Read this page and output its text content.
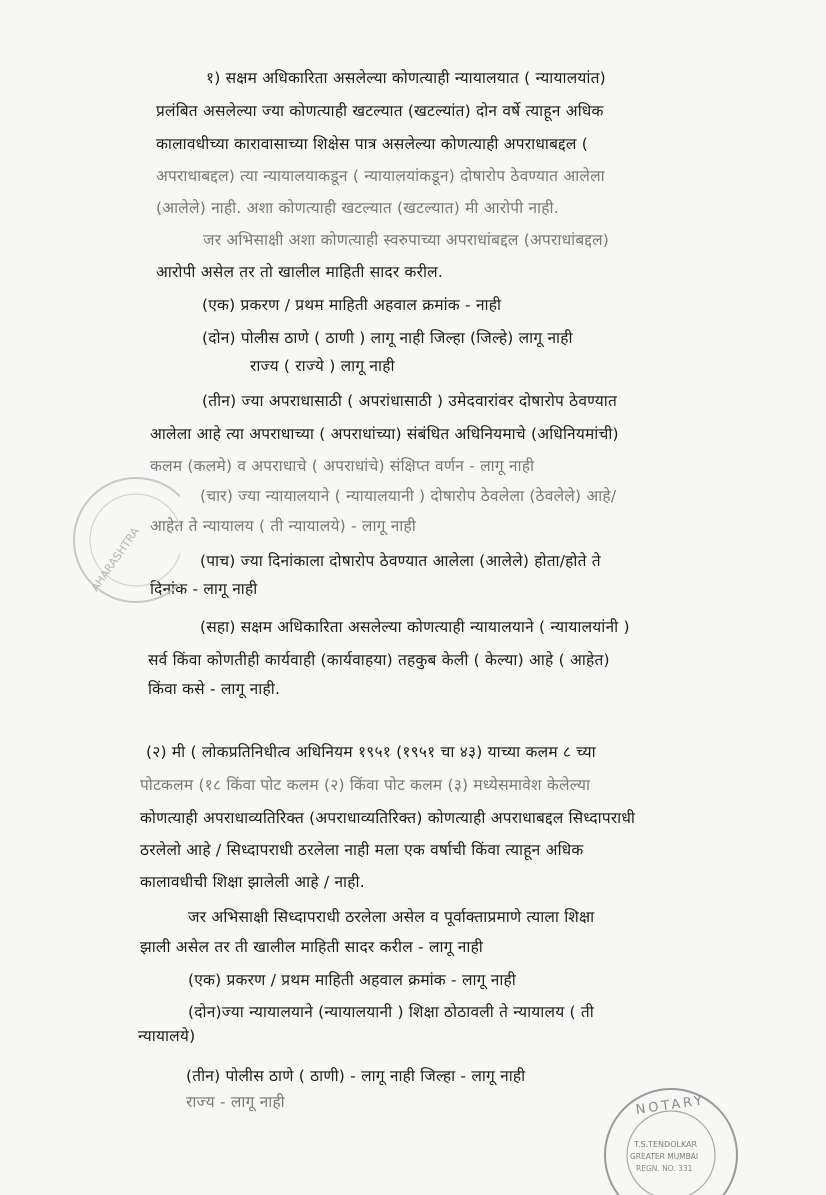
१) सक्षम अधिकारिता असलेल्या कोणत्याही न्यायालयात ( न्यायालयांत)
प्रलंबित असलेल्या ज्या कोणत्याही खटल्यात (खटल्यांत) दोन वर्षे त्याहून अधिक
कालावधीच्या कारावासाच्या शिक्षेस पात्र असलेल्या कोणत्याही अपराधाबद्दल (
अपराधाबद्दल) त्या न्यायालयाकडून ( न्यायालयांकडून) दोषारोप ठेवण्यात आलेला
(आलेले) नाही. अशा कोणत्याही खटल्यात (खटल्यात) मी आरोपी नाही.
जर अभिसाक्षी अशा कोणत्याही स्वरुपाच्या अपराधांबद्दल (अपराधांबद्दल)
आरोपी असेल तर तो खालील माहिती सादर करील.
(एक) प्रकरण / प्रथम माहिती अहवाल क्रमांक - नाही
(दोन) पोलीस ठाणे ( ठाणी ) लागू नाही जिल्हा (जिल्हे) लागू नाही
राज्य ( राज्ये ) लागू नाही
(तीन) ज्या अपराधासाठी ( अपरांधासाठी ) उमेदवारांवर दोषारोप ठेवण्यात
आलेला आहे त्या अपराधाच्या ( अपराधांच्या) संबंधित अधिनियमाचे (अधिनियमांची)
कलम (कलमे) व अपराधाचे ( अपराधांचे) संक्षिप्त वर्णन - लागू नाही
(चार) ज्या न्यायालयाने ( न्यायालयानी ) दोषारोप ठेवलेला (ठेवलेले) आहे/
आहेत ते न्यायालय ( ती न्यायालये) - लागू नाही
(पाच) ज्या दिनांकाला दोषारोप ठेवण्यात आलेला (आलेले) होता/होते ते
दिनांक - लागू नाही
(सहा) सक्षम अधिकारिता असलेल्या कोणत्याही न्यायालयाने ( न्यायालयांनी )
सर्व किंवा कोणतीही कार्यवाही (कार्यवाहया) तहकुब केली ( केल्या) आहे ( आहेत)
किंवा कसे - लागू नाही.
(२) मी ( लोकप्रतिनिधीत्व अधिनियम १९५१ (१९५१ चा ४३) याच्या कलम ८ च्या
पोटकलम (१८ किंवा पोट कलम (२) किंवा पोट कलम (३) मध्येसमावेश केलेल्या
कोणत्याही अपराधाव्यतिरिक्त (अपराधाव्यतिरिक्त) कोणत्याही अपराधाबद्दल सिध्दापराधी
ठरलेलो आहे / सिध्दापराधी ठरलेला नाही मला एक वर्षाची किंवा त्याहून अधिक
कालावधीची शिक्षा झालेली आहे / नाही.
जर अभिसाक्षी सिध्दापराधी ठरलेला असेल व पूर्वाक्ताप्रमाणे त्याला शिक्षा
झाली असेल तर ती खालील माहिती सादर करील - लागू नाही
(एक) प्रकरण / प्रथम माहिती अहवाल क्रमांक - लागू नाही
(दोन)ज्या न्यायालयाने (न्यायालयानी ) शिक्षा ठोठावली ते न्यायालय ( ती
न्यायालये)
(तीन) पोलीस ठाणे ( ठाणी) - लागू नाही जिल्हा - लागू नाही
राज्य - लागू नाही
AHARASHTRA
NOTARY
T.S.TENDOLKAR
GREATER MUMBAI
REGN. NO. 331
